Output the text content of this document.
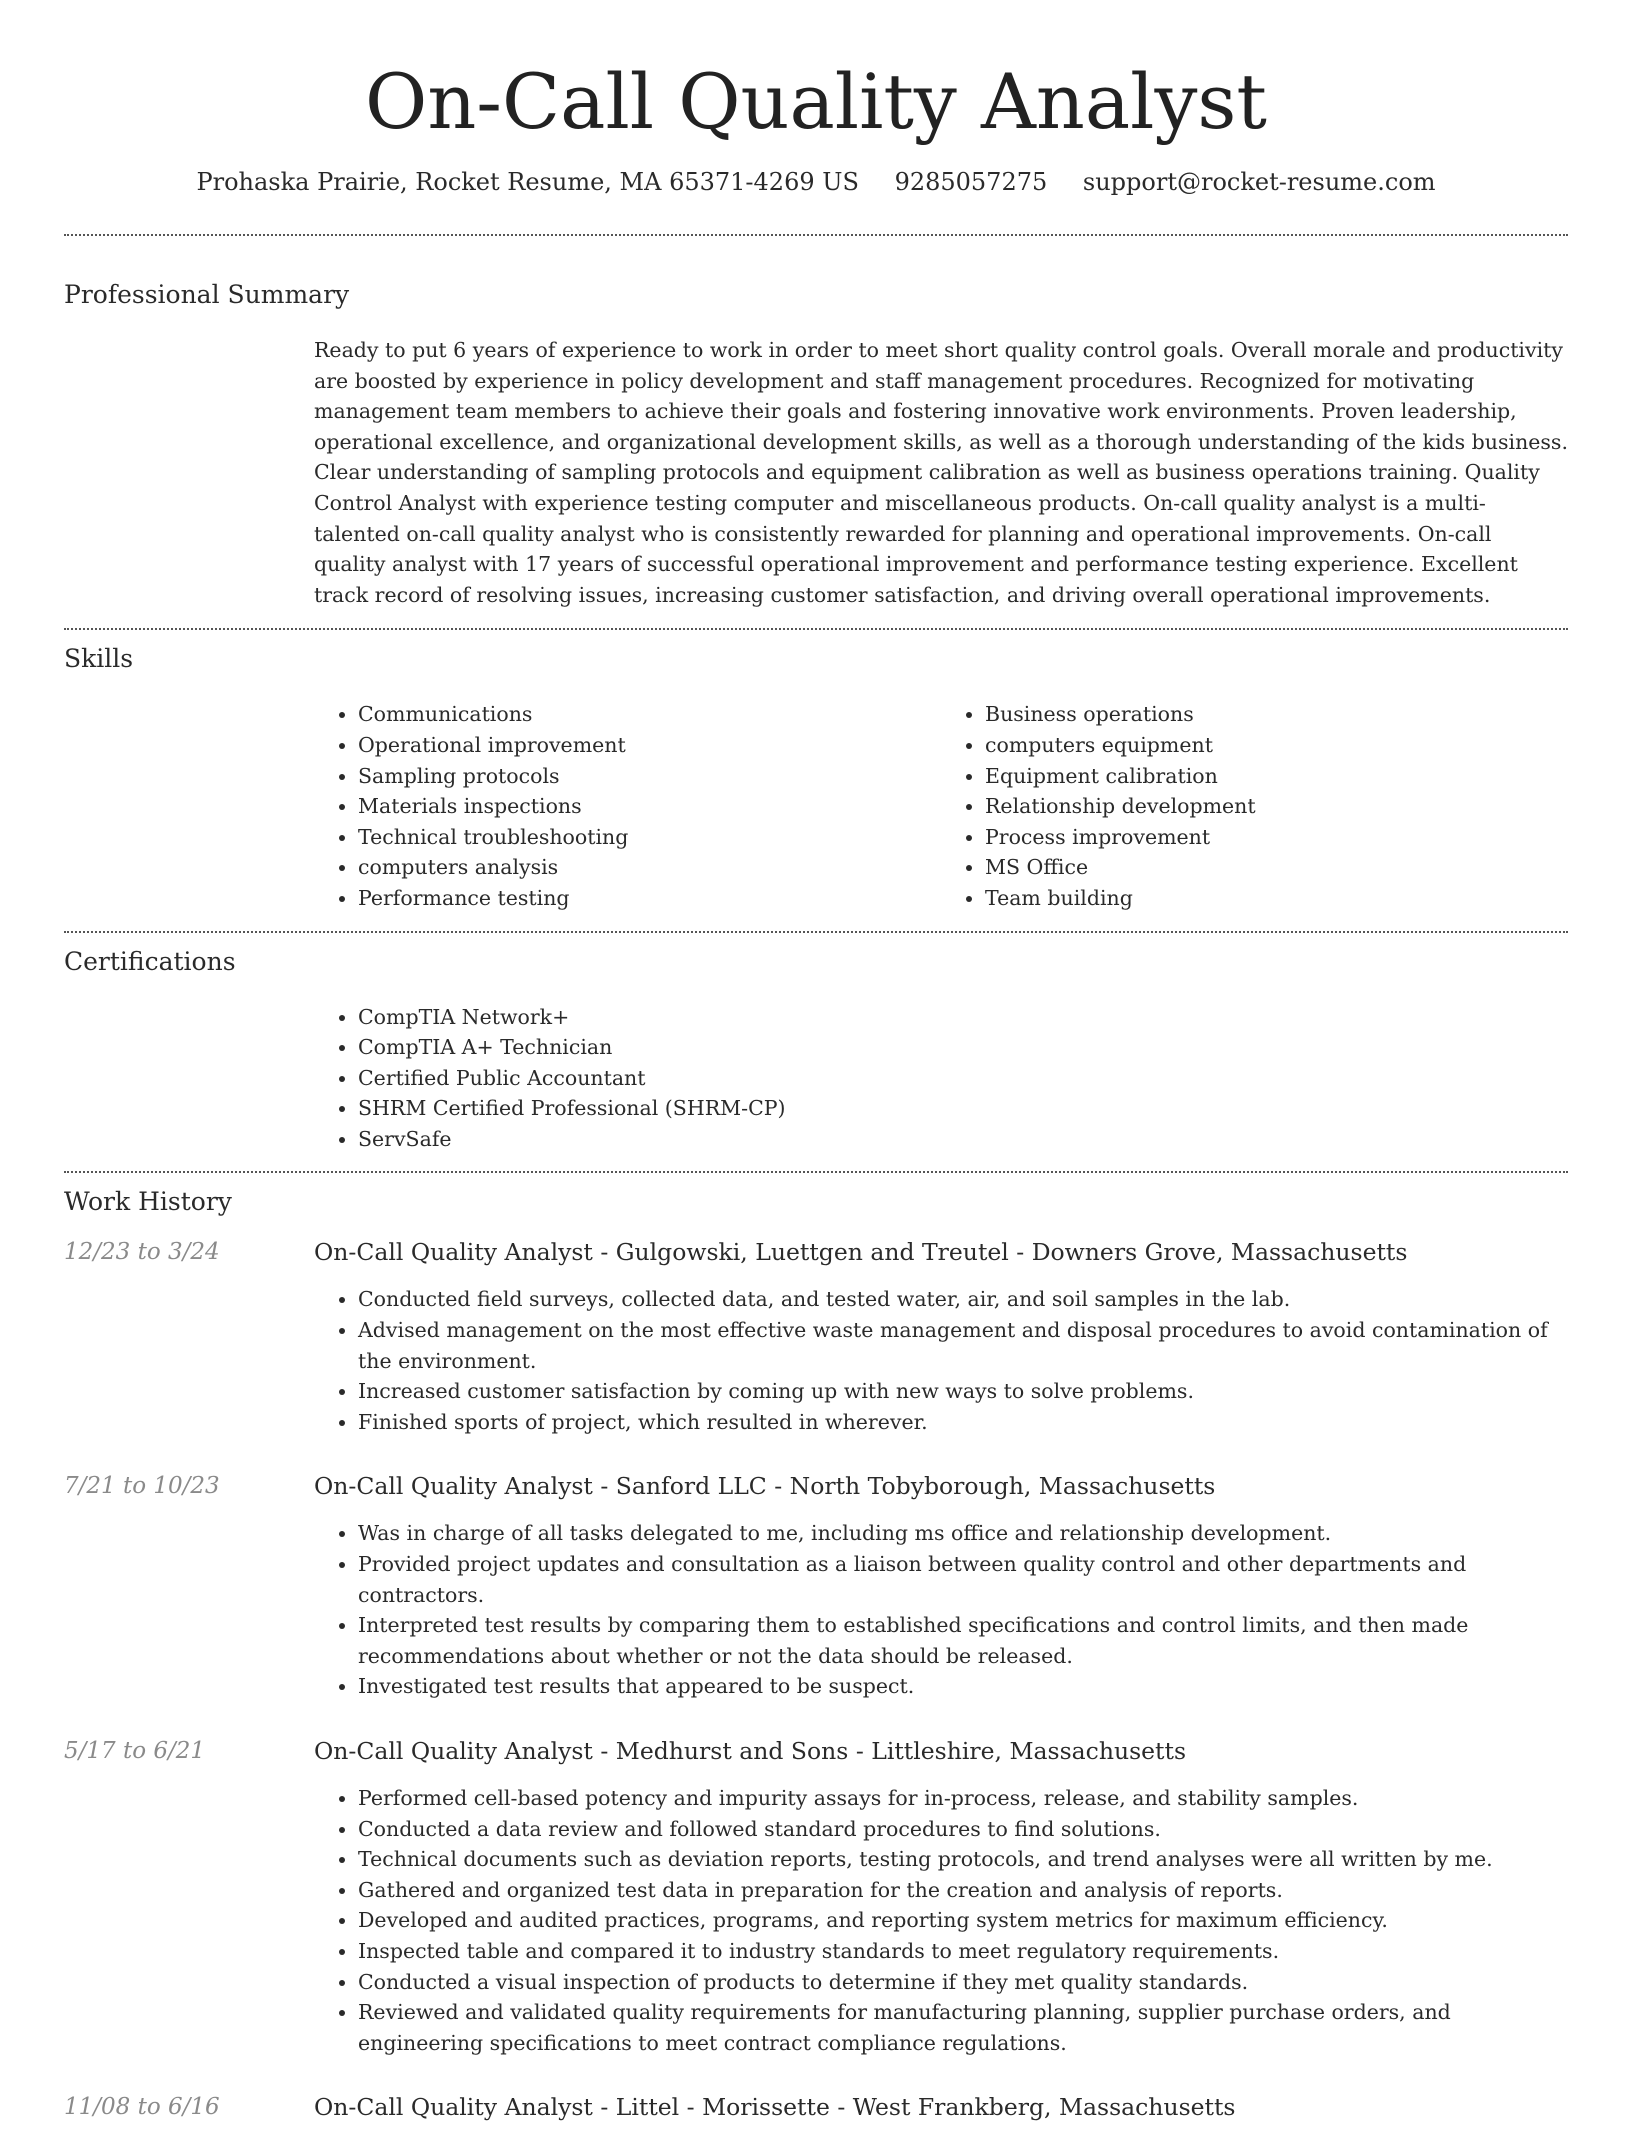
On-Call Quality Analyst
Prohaska Prairie, Rocket Resume, MA 65371-4269 US 9285057275 support@rocket-resume.com
Professional Summary

Ready to put 6 years of experience to work in order to meet short quality control goals. Overall morale and productivity are boosted by experience in policy development and staff management procedures. Recognized for motivating management team members to achieve their goals and fostering innovative work environments. Proven leadership, operational excellence, and organizational development skills, as well as a thorough understanding of the kids business. Clear understanding of sampling protocols and equipment calibration as well as business operations training. Quality Control Analyst with experience testing computer and miscellaneous products. On-call quality analyst is a multi-talented on-call quality analyst who is consistently rewarded for planning and operational improvements. On-call quality analyst with 17 years of successful operational improvement and performance testing experience. Excellent track record of resolving issues, increasing customer satisfaction, and driving overall operational improvements.

Skills
• Communications
• Operational improvement
• Sampling protocols
• Materials inspections
• Technical troubleshooting
• computers analysis
• Performance testing
• Business operations
• computers equipment
• Equipment calibration
• Relationship development
• Process improvement
• MS Office
• Team building
Certifications
• CompTIA Network+
• CompTIA A+ Technician
• Certified Public Accountant
• SHRM Certified Professional (SHRM-CP)
• ServSafe
Work History
12/23 to 3/24	On-Call Quality Analyst - Gulgowski, Luettgen and Treutel - Downers Grove, Massachusetts
• Conducted field surveys, collected data, and tested water, air, and soil samples in the lab.
• Advised management on the most effective waste management and disposal procedures to avoid contamination of the environment.
• Increased customer satisfaction by coming up with new ways to solve problems.
• Finished sports of project, which resulted in wherever.
7/21 to 10/23	On-Call Quality Analyst - Sanford LLC - North Tobyborough, Massachusetts
• Was in charge of all tasks delegated to me, including ms office and relationship development.
• Provided project updates and consultation as a liaison between quality control and other departments and contractors.
• Interpreted test results by comparing them to established specifications and control limits, and then made recommendations about whether or not the data should be released.
• Investigated test results that appeared to be suspect.
5/17 to 6/21	On-Call Quality Analyst - Medhurst and Sons - Littleshire, Massachusetts
• Performed cell-based potency and impurity assays for in-process, release, and stability samples.
• Conducted a data review and followed standard procedures to find solutions.
• Technical documents such as deviation reports, testing protocols, and trend analyses were all written by me.
• Gathered and organized test data in preparation for the creation and analysis of reports.
• Developed and audited practices, programs, and reporting system metrics for maximum efficiency.
• Inspected table and compared it to industry standards to meet regulatory requirements.
• Conducted a visual inspection of products to determine if they met quality standards.
• Reviewed and validated quality requirements for manufacturing planning, supplier purchase orders, and engineering specifications to meet contract compliance regulations.
11/08 to 6/16	On-Call Quality Analyst - Littel - Morissette - West Frankberg, Massachusetts
